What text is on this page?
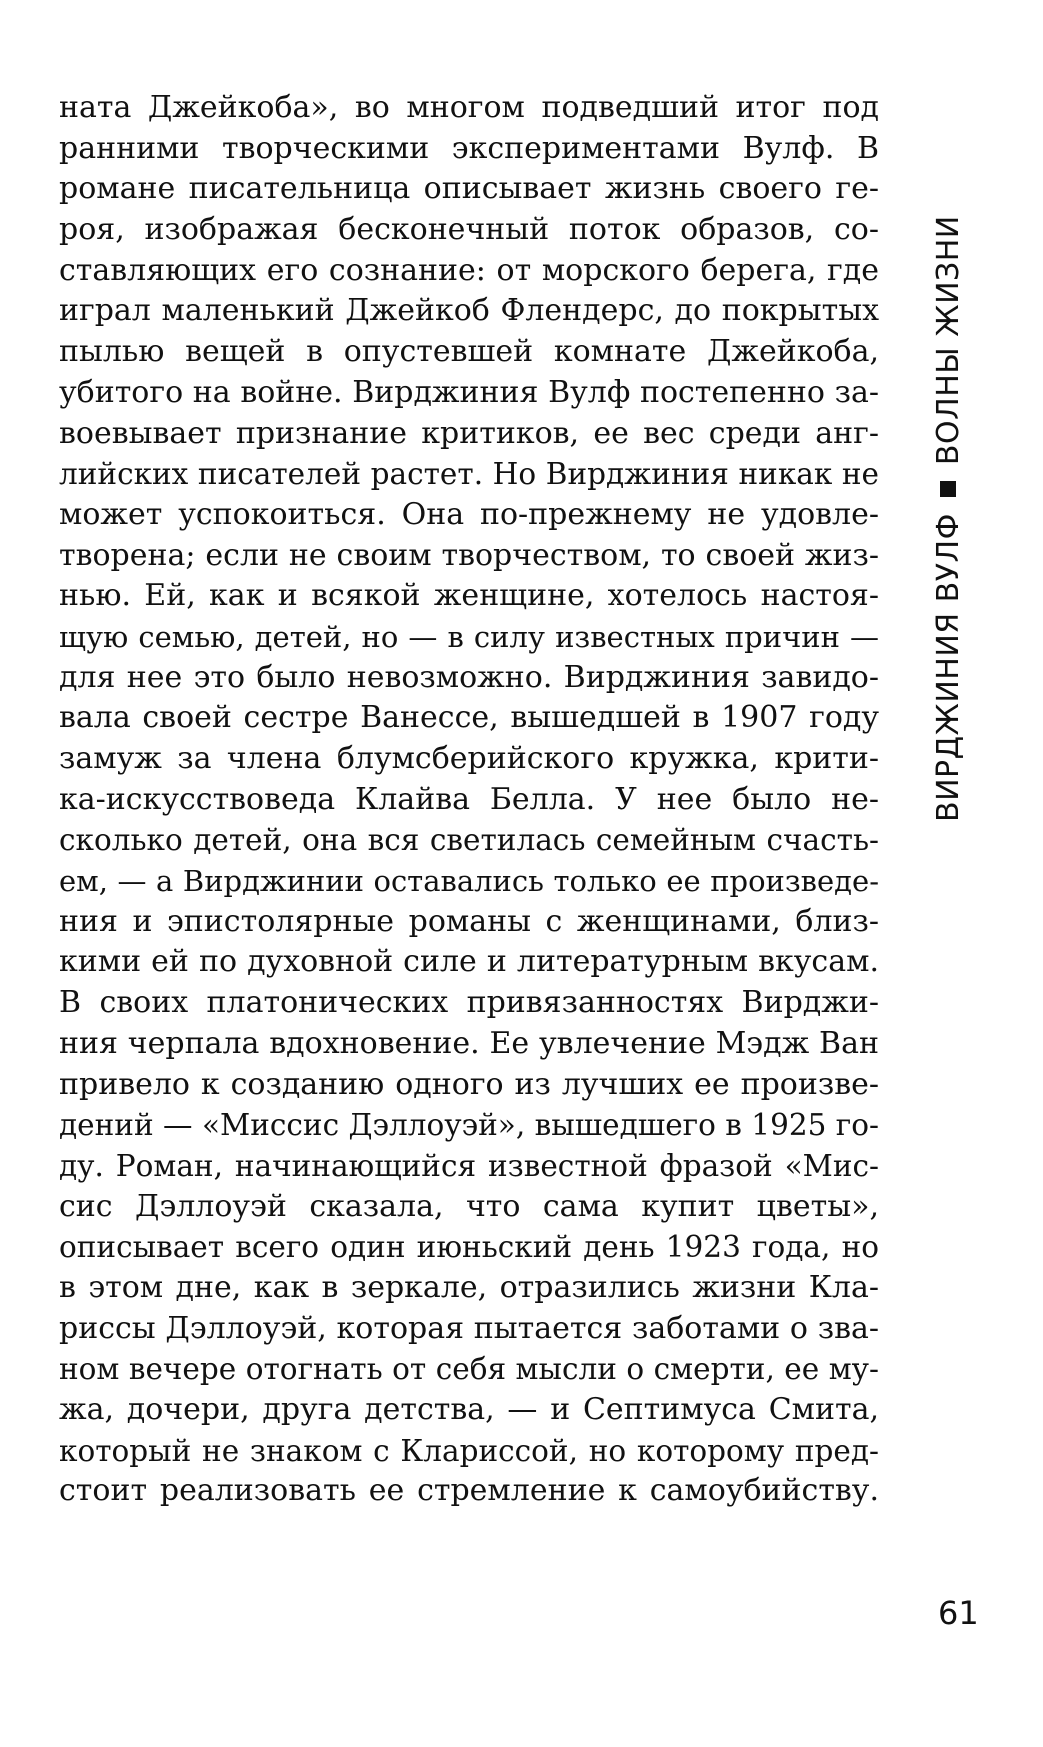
ната Джейкоба», во многом подведший итог под
ранними творческими экспериментами Вулф. В
романе писательница описывает жизнь своего ге-
роя, изображая бесконечный поток образов, со-
ставляющих его сознание: от морского берега, где
играл маленький Джейкоб Флендерс, до покрытых
пылью вещей в опустевшей комнате Джейкоба,
убитого на войне. Вирджиния Вулф постепенно за-
воевывает признание критиков, ее вес среди анг-
лийских писателей растет. Но Вирджиния никак не
может успокоиться. Она по-прежнему не удовле-
творена; если не своим творчеством, то своей жиз-
нью. Ей, как и всякой женщине, хотелось настоя-
щую семью, детей, но — в силу известных причин —
для нее это было невозможно. Вирджиния завидо-
вала своей сестре Ванессе, вышедшей в 1907 году
замуж за члена блумсберийского кружка, крити-
ка-искусствоведа Клайва Белла. У нее было не-
сколько детей, она вся светилась семейным счасть-
ем, — а Вирджинии оставались только ее произведе-
ния и эпистолярные романы с женщинами, близ-
кими ей по духовной силе и литературным вкусам.
В своих платонических привязанностях Вирджи-
ния черпала вдохновение. Ее увлечение Мэдж Ван
привело к созданию одного из лучших ее произве-
дений — «Миссис Дэллоуэй», вышедшего в 1925 го-
ду. Роман, начинающийся известной фразой «Мис-
сис Дэллоуэй сказала, что сама купит цветы»,
описывает всего один июньский день 1923 года, но
в этом дне, как в зеркале, отразились жизни Кла-
риссы Дэллоуэй, которая пытается заботами о зва-
ном вечере отогнать от себя мысли о смерти, ее му-
жа, дочери, друга детства, — и Септимуса Смита,
который не знаком с Клариссой, но которому пред-
стоит реализовать ее стремление к самоубийству.
ВИРДЖИНИЯ ВУЛФ
ВОЛНЫ ЖИЗНИ
61
